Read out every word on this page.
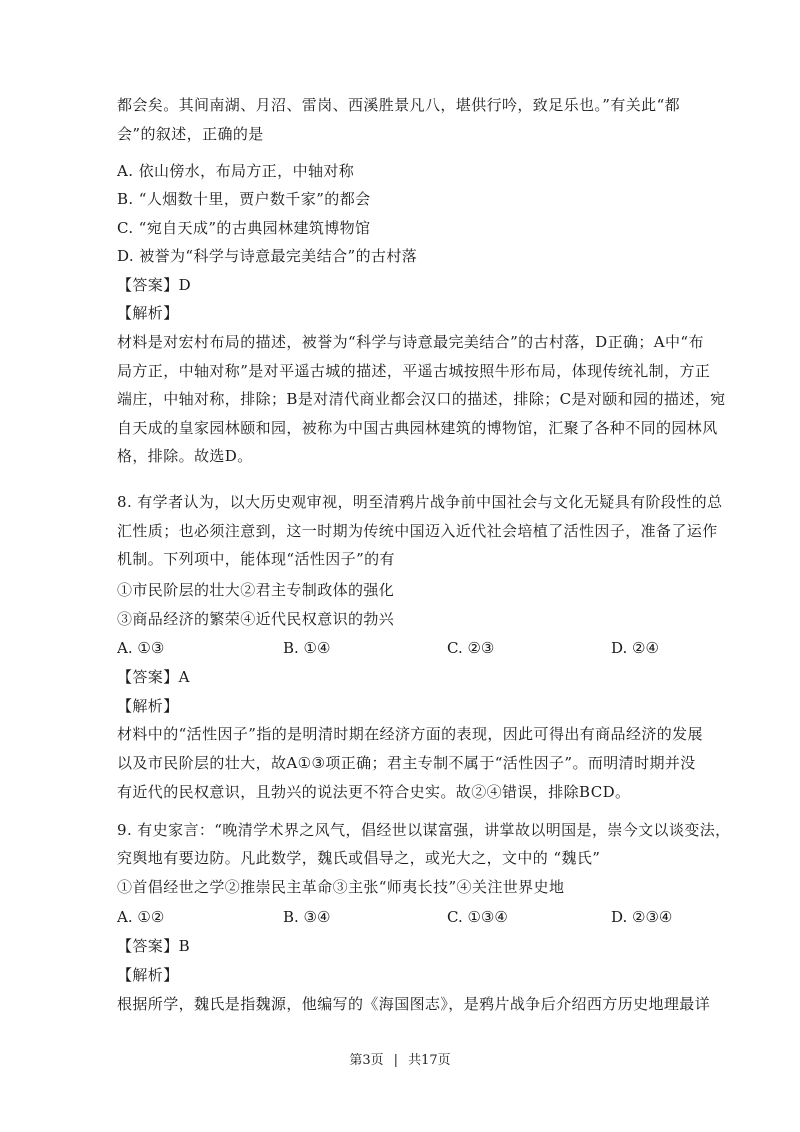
都会矣。其间南湖、月沼、雷岗、西溪胜景凡八，堪供行吟，致足乐也。”有关此“都
会”的叙述，正确的是
A. 依山傍水，布局方正，中轴对称
B. “人烟数十里，贾户数千家”的都会
C. “宛自天成”的古典园林建筑博物馆
D. 被誉为“科学与诗意最完美结合”的古村落
【答案】D
【解析】
材料是对宏村布局的描述，被誉为“科学与诗意最完美结合”的古村落，D正确；A中“布
局方正，中轴对称”是对平遥古城的描述，平遥古城按照牛形布局，体现传统礼制，方正
端庄，中轴对称，排除；B是对清代商业都会汉口的描述，排除；C是对颐和园的描述，宛
自天成的皇家园林颐和园，被称为中国古典园林建筑的博物馆，汇聚了各种不同的园林风
格，排除。故选D。
8. 有学者认为，以大历史观审视，明至清鸦片战争前中国社会与文化无疑具有阶段性的总
汇性质；也必须注意到，这一时期为传统中国迈入近代社会培植了活性因子，准备了运作
机制。下列项中，能体现“活性因子”的有
①市民阶层的壮大②君主专制政体的强化
③商品经济的繁荣④近代民权意识的勃兴
A. ①③	B. ①④	C. ②③	D. ②④
【答案】A
【解析】
材料中的“活性因子”指的是明清时期在经济方面的表现，因此可得出有商品经济的发展
以及市民阶层的壮大，故A①③项正确；君主专制不属于“活性因子”。而明清时期并没
有近代的民权意识，且勃兴的说法更不符合史实。故②④错误，排除BCD。
9. 有史家言：“晚清学术界之风气，倡经世以谋富强，讲掌故以明国是，崇今文以谈变法，
究舆地有要边防。凡此数学，魏氏或倡导之，或光大之，文中的 “魏氏”
①首倡经世之学②推崇民主革命③主张“师夷长技”④关注世界史地
A. ①②	B. ③④	C. ①③④	D. ②③④
【答案】B
【解析】
根据所学，魏氏是指魏源，他编写的《海国图志》，是鸦片战争后介绍西方历史地理最详
第3页 | 共17页
